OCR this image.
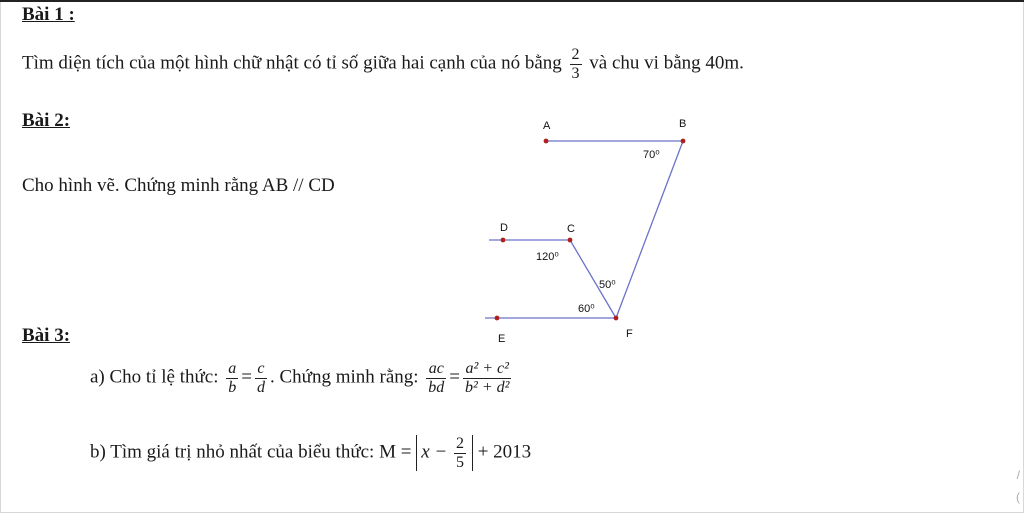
Bài 1 :
Tìm diện tích của một hình chữ nhật có tỉ số giữa hai cạnh của nó bằng $\frac{2}{3}$ và chu vi bằng 40m.
Bài 2:
Cho hình vẽ. Chứng minh rằng AB // CD
A	B
C
D
E	F
70⁰
120⁰
50⁰
60⁰
Bài 3:
a) Cho tỉ lệ thức: $\frac{a}{b} = \frac{c}{d}$ . Chứng minh rằng: $\frac{ac}{bd} = \frac{\text{a² + c²}}{\text{b² + d²}}$
b) Tìm giá trị nhỏ nhất của biểu thức: $M = x - \frac{2}{5} + 2013$
/
(
